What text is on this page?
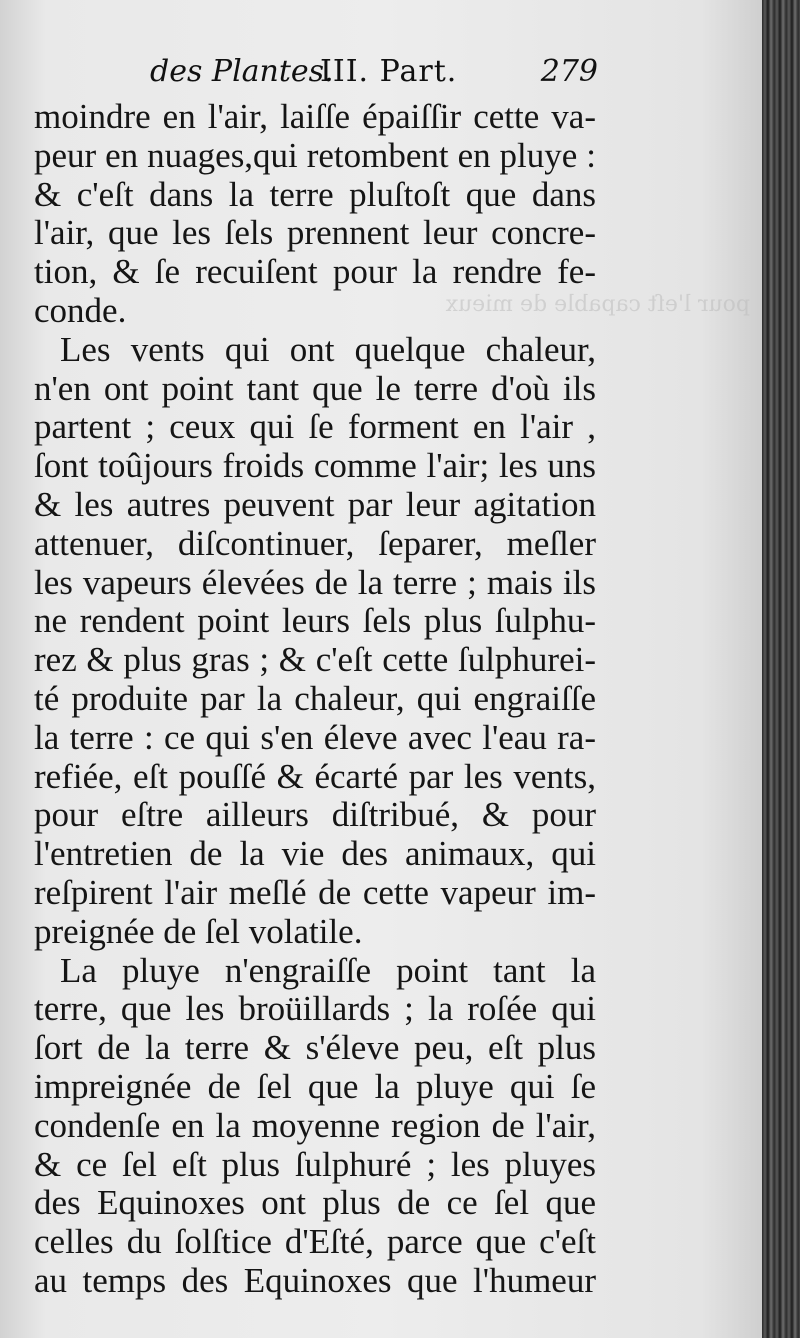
pour l'eſt capable de mieux
des Plantes.
III. Part.	279
moindre en l'air, laiſſe épaiſſir cette va-
peur en nuages,qui retombent en pluye :
& c'eſt dans la terre pluſtoſt que dans
l'air, que les ſels prennent leur concre-
tion, & ſe recuiſent pour la rendre fe-
conde.
Les vents qui ont quelque chaleur,
n'en ont point tant que le terre d'où ils
partent ; ceux qui ſe forment en l'air ,
ſont toûjours froids comme l'air; les uns
& les autres peuvent par leur agitation
attenuer, diſcontinuer, ſeparer, meſler
les vapeurs élevées de la terre ; mais ils
ne rendent point leurs ſels plus ſulphu-
rez & plus gras ; & c'eſt cette ſulphurei-
té produite par la chaleur, qui engraiſſe
la terre : ce qui s'en éleve avec l'eau ra-
refiée, eſt pouſſé & écarté par les vents,
pour eſtre ailleurs diſtribué, & pour
l'entretien de la vie des animaux, qui
reſpirent l'air meſlé de cette vapeur im-
preignée de ſel volatile.
La pluye n'engraiſſe point tant la
terre, que les broüillards ; la roſée qui
ſort de la terre & s'éleve peu, eſt plus
impreignée de ſel que la pluye qui ſe
condenſe en la moyenne region de l'air,
& ce ſel eſt plus ſulphuré ; les pluyes
des Equinoxes ont plus de ce ſel que
celles du ſolſtice d'Eſté, parce que c'eſt
au temps des Equinoxes que l'humeur
